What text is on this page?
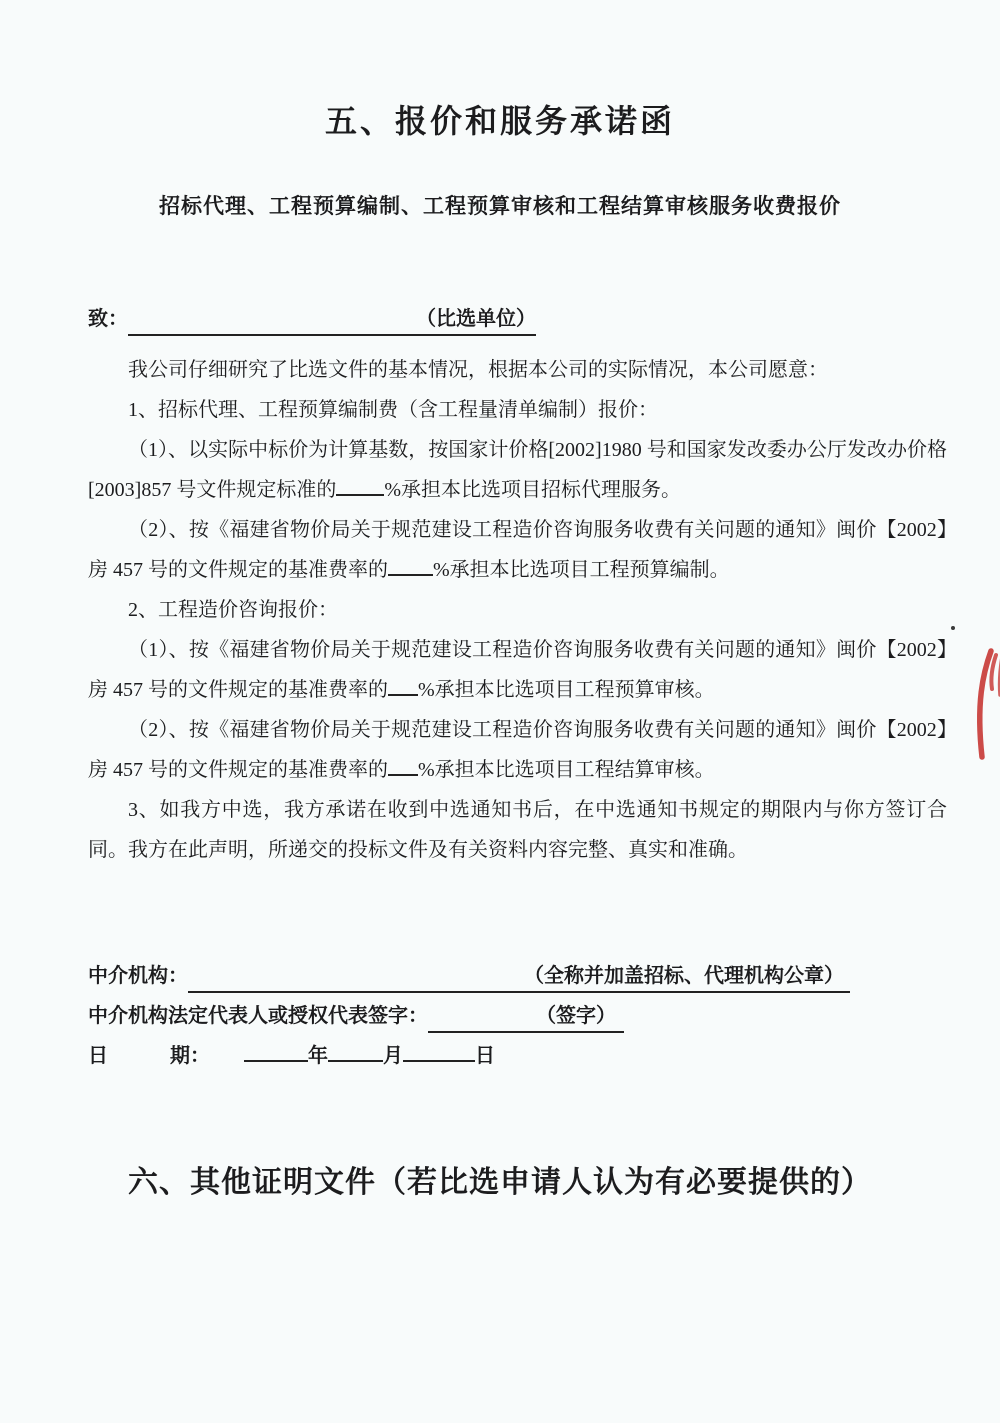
五、报价和服务承诺函
招标代理、工程预算编制、工程预算审核和工程结算审核服务收费报价
致：	（比选单位）

我公司仔细研究了比选文件的基本情况，根据本公司的实际情况，本公司愿意：

1、招标代理、工程预算编制费（含工程量清单编制）报价：

（1）、以实际中标价为计算基数，按国家计价格[2002]1980 号和国家发改委办公厅发改办价格[2003]857 号文件规定标准的 %承担本比选项目招标代理服务。

（2）、按《福建省物价局关于规范建设工程造价咨询服务收费有关问题的通知》闽价【2002】房 457 号的文件规定的基准费率的 %承担本比选项目工程预算编制。

2、工程造价咨询报价：

（1）、按《福建省物价局关于规范建设工程造价咨询服务收费有关问题的通知》闽价【2002】房 457 号的文件规定的基准费率的 %承担本比选项目工程预算审核。

（2）、按《福建省物价局关于规范建设工程造价咨询服务收费有关问题的通知》闽价【2002】房 457 号的文件规定的基准费率的 %承担本比选项目工程结算审核。

3、如我方中选，我方承诺在收到中选通知书后，在中选通知书规定的期限内与你方签订合同。我方在此声明，所递交的投标文件及有关资料内容完整、真实和准确。

中介机构：	（全称并加盖招标、代理机构公章）
中介机构法定代表人或授权代表签字：	（签字）
日	期：	年	月	日
六、其他证明文件（若比选申请人认为有必要提供的）
